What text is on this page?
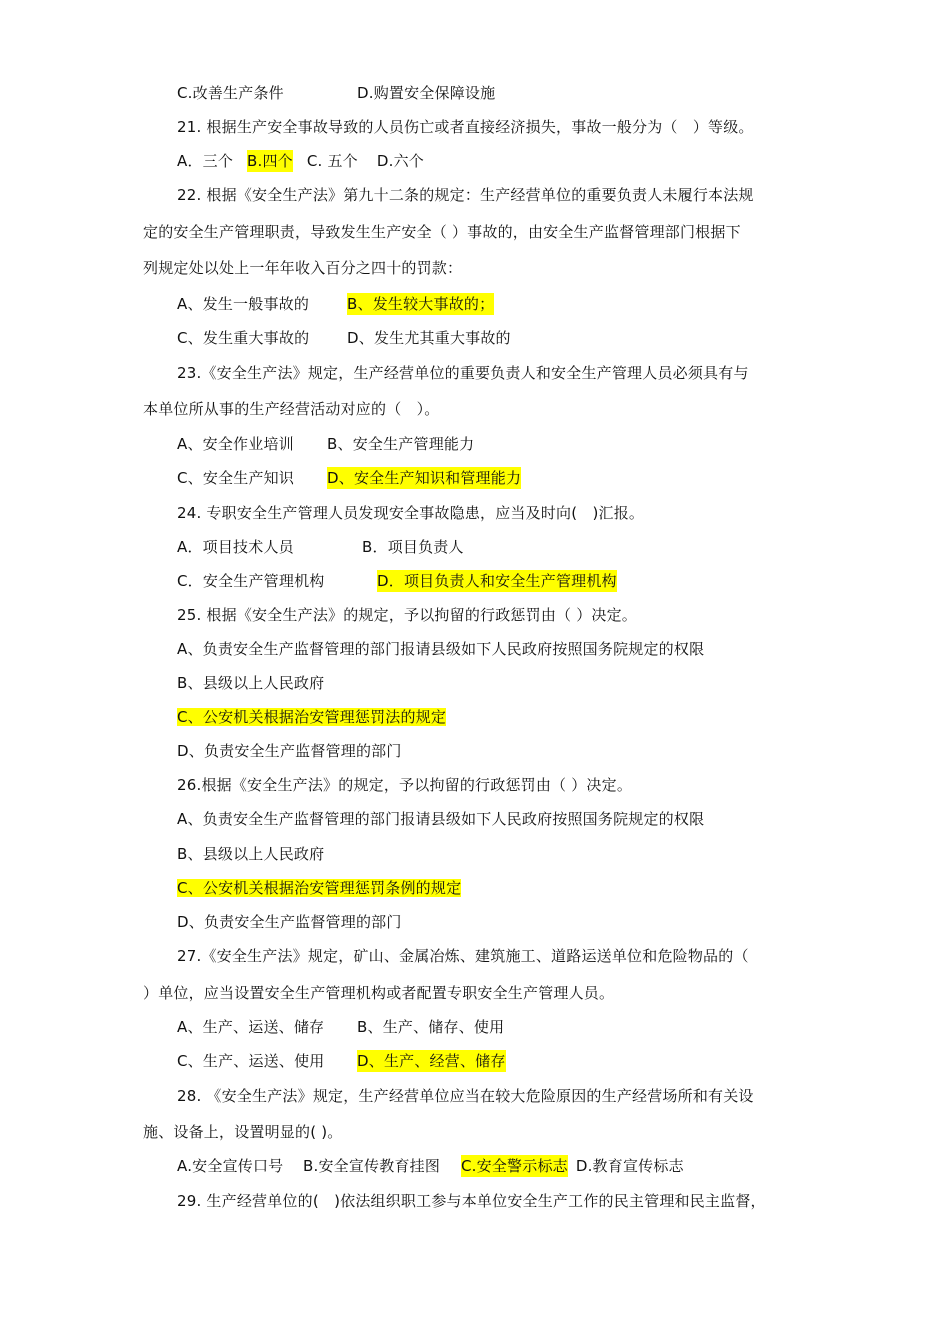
C.改善生产条件	D.购置安全保障设施
21. 根据生产安全事故导致的人员伤亡或者直接经济损失，事故一般分为（　）等级。
A．三个 B.四个 C. 五个 D.六个
22. 根据《安全生产法》第九十二条的规定：生产经营单位的重要负责人未履行本法规
定的安全生产管理职责，导致发生生产安全（ ）事故的，由安全生产监督管理部门根据下
列规定处以处上一年年收入百分之四十的罚款：
A、发生一般事故的	B、发生较大事故的；
C、发生重大事故的	D、发生尤其重大事故的
23.《安全生产法》规定，生产经营单位的重要负责人和安全生产管理人员必须具有与
本单位所从事的生产经营活动对应的（　）。
A、安全作业培训 B、安全生产管理能力
C、安全生产知识 D、安全生产知识和管理能力
24. 专职安全生产管理人员发现安全事故隐患，应当及时向(　)汇报。
A．项目技术人员	B．项目负责人
C．安全生产管理机构	D．项目负责人和安全生产管理机构
25. 根据《安全生产法》的规定，予以拘留的行政惩罚由（ ）决定。
A、负责安全生产监督管理的部门报请县级如下人民政府按照国务院规定的权限
B、县级以上人民政府
C、公安机关根据治安管理惩罚法的规定
D、负责安全生产监督管理的部门
26.根据《安全生产法》的规定，予以拘留的行政惩罚由（ ）决定。
A、负责安全生产监督管理的部门报请县级如下人民政府按照国务院规定的权限
B、县级以上人民政府
C、公安机关根据治安管理惩罚条例的规定
D、负责安全生产监督管理的部门
27.《安全生产法》规定，矿山、金属冶炼、建筑施工、道路运送单位和危险物品的（
）单位，应当设置安全生产管理机构或者配置专职安全生产管理人员。
A、生产、运送、储存 B、生产、储存、使用
C、生产、运送、使用 D、生产、经营、储存
28. 《安全生产法》规定，生产经营单位应当在较大危险原因的生产经营场所和有关设
施、设备上，设置明显的( )。
A.安全宣传口号 B.安全宣传教育挂图 C.安全警示标志 D.教育宣传标志
29. 生产经营单位的(　)依法组织职工参与本单位安全生产工作的民主管理和民主监督，
